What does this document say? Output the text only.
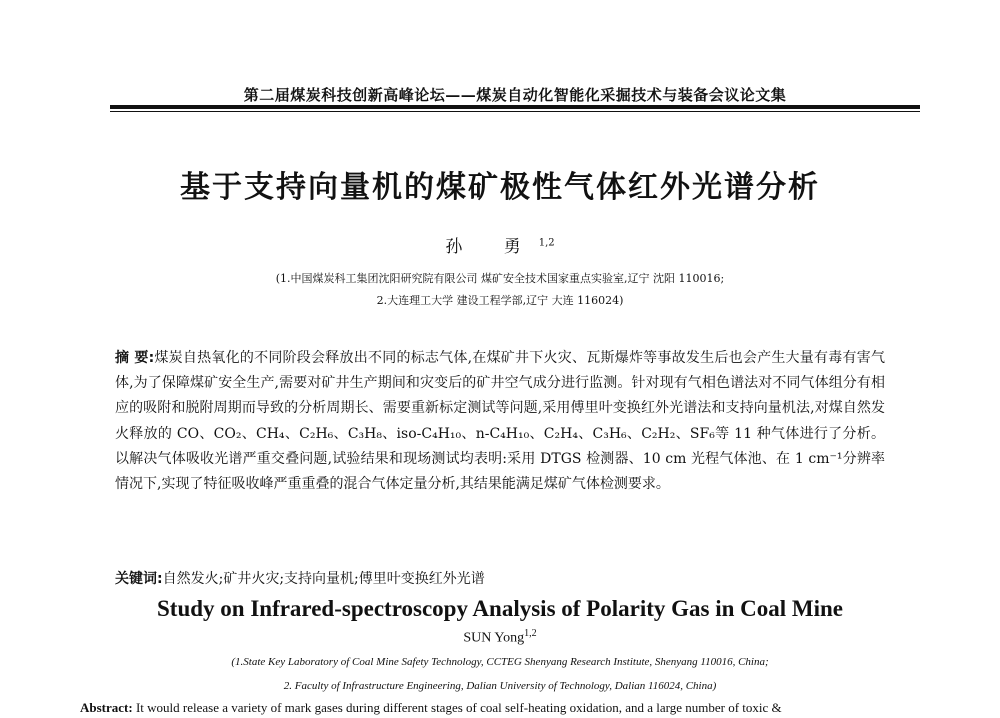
第二届煤炭科技创新高峰论坛——煤炭自动化智能化采掘技术与装备会议论文集
基于支持向量机的煤矿极性气体红外光谱分析
孙 勇$^{1,2}$
(1.中国煤炭科工集团沈阳研究院有限公司 煤矿安全技术国家重点实验室,辽宁 沈阳 110016;
2.大连理工大学 建设工程学部,辽宁 大连 116024)
摘 要:煤炭自热氧化的不同阶段会释放出不同的标志气体,在煤矿井下火灾、瓦斯爆炸等事故发生后也会产生大量有毒有害气体,为了保障煤矿安全生产,需要对矿井生产期间和灾变后的矿井空气成分进行监测。针对现有气相色谱法对不同气体组分有相应的吸附和脱附周期而导致的分析周期长、需要重新标定测试等问题,采用傅里叶变换红外光谱法和支持向量机法,对煤自然发火释放的 CO、CO₂、CH₄、C₂H₆、C₃H₈、iso-C₄H₁₀、n-C₄H₁₀、C₂H₄、C₃H₆、C₂H₂、SF₆等 11 种气体进行了分析。以解决气体吸收光谱严重交叠问题,试验结果和现场测试均表明:采用 DTGS 检测器、10 cm 光程气体池、在 1 cm⁻¹分辨率情况下,实现了特征吸收峰严重重叠的混合气体定量分析,其结果能满足煤矿气体检测要求。
关键词:自然发火;矿井火灾;支持向量机;傅里叶变换红外光谱
Study on Infrared-spectroscopy Analysis of Polarity Gas in Coal Mine
SUN Yong$^{1,2}$
(1.State Key Laboratory of Coal Mine Safety Technology, CCTEG Shenyang Research Institute, Shenyang 110016, China;
2. Faculty of Infrastructure Engineering, Dalian University of Technology, Dalian 116024, China)
Abstract: It would release a variety of mark gases during different stages of coal self-heating oxidation, and a large number of toxic &
